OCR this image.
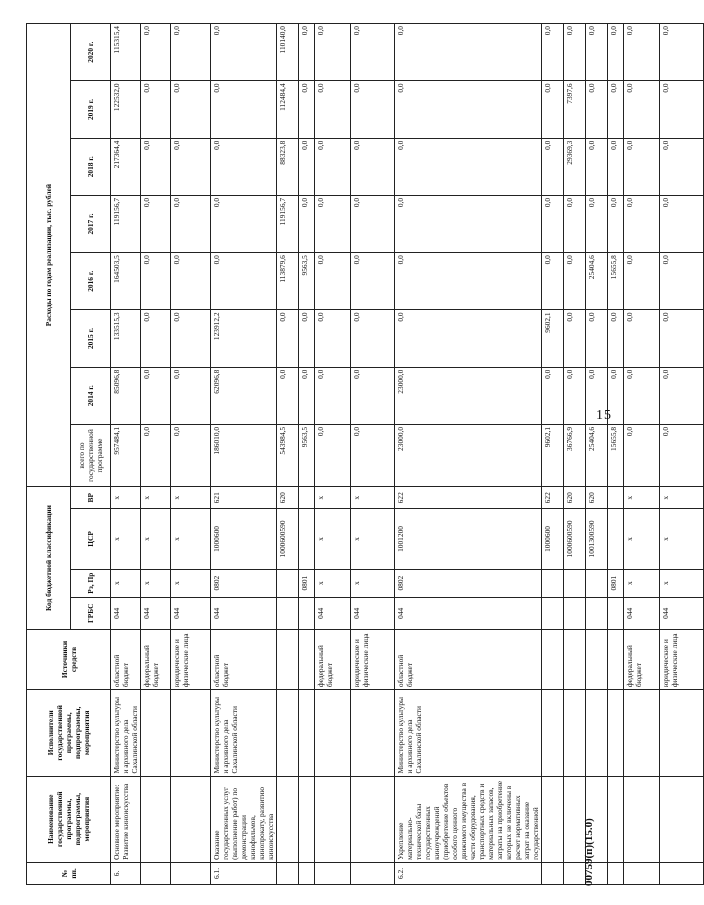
№ пп.	Наименование государственной программы, подпрограммы, мероприятия	Исполнители государственной программы, подпрограммы, мероприятия	Источники средств	Код бюджетной классификации				Расходы по годам реализации, тыс. рублей							
				ГРБС	Рз, Пр	ЦСР	ВР	всего по государственной программе	2014 г.	2015 г.	2016 г.	2017 г.	2018 г.	2019 г.	2020 г.
6.	Основное мероприятие: Развитие киноискусства	Министерство культуры и архивного дела Сахалинской области	областной бюджет	044	х	х	х	957484,1	85096,8	133515,3	164503,5	119156,7	217364,4	122532,0	115315,4
			федеральный бюджет	044	х	х	х	0,0	0,0	0,0	0,0	0,0	0,0	0,0	0,0
			юридические и физические лица	044	х	х	х	0,0	0,0	0,0	0,0	0,0	0,0	0,0	0,0
6.1.	Оказание государственных услуг (выполнение работ) по демонстрации кинофильмов, кинопрокату, развитию киноискусства	Министерство культуры и архивного дела Сахалинской области	областной бюджет	044	0802	1000600	621	186010,0	62096,8	123912,2	0,0	0,0	0,0	0,0	0,0
						1000600590	620	543984,5	0,0	0,0	113879,6	119156,7	88323,8	112484,4	110140,0
					0801			9563,5	0,0	0,0	9563,5	0,0	0,0	0,0	0,0
			федеральный бюджет	044	х	х	х	0,0	0,0	0,0	0,0	0,0	0,0	0,0	0,0
			юридические и физические лица	044	х	х	х	0,0	0,0	0,0	0,0	0,0	0,0	0,0	0,0
6.2.	Укрепление материально-технической базы государственных киноучреждений (приобретение объектов особого ценного движимого имущества в части оборудования, транспортных средств и материальных запасов, затраты на приобретение которых не включены в расчет нормативных затрат на оказание государственной	Министерство культуры и архивного дела Сахалинской области	областной бюджет	044	0802	1001200	622	23000,0	23000,0	0,0	0,0	0,0	0,0	0,0	0,0
						1000600	622	9602,1	0,0	9602,1	0,0	0,0	0,0	0,0	0,0
						1000600590	620	36766,9	0,0	0,0	0,0	0,0	29369,3	7397,6	0,0
						1001300590	620	25404,6	0,0	0,0	25404,6	0,0	0,0	0,0	0,0
					0801			15655,8	0,0	0,0	15655,8	0,0	0,0	0,0	0,0
			федеральный бюджет	044	х	х	х	0,0	0,0	0,0	0,0	0,0	0,0	0,0	0,0
			юридические и физические лица	044	х	х	х	0,0	0,0	0,0	0,0	0,0	0,0	0,0	0,0
15
00759(п)(15.0)
